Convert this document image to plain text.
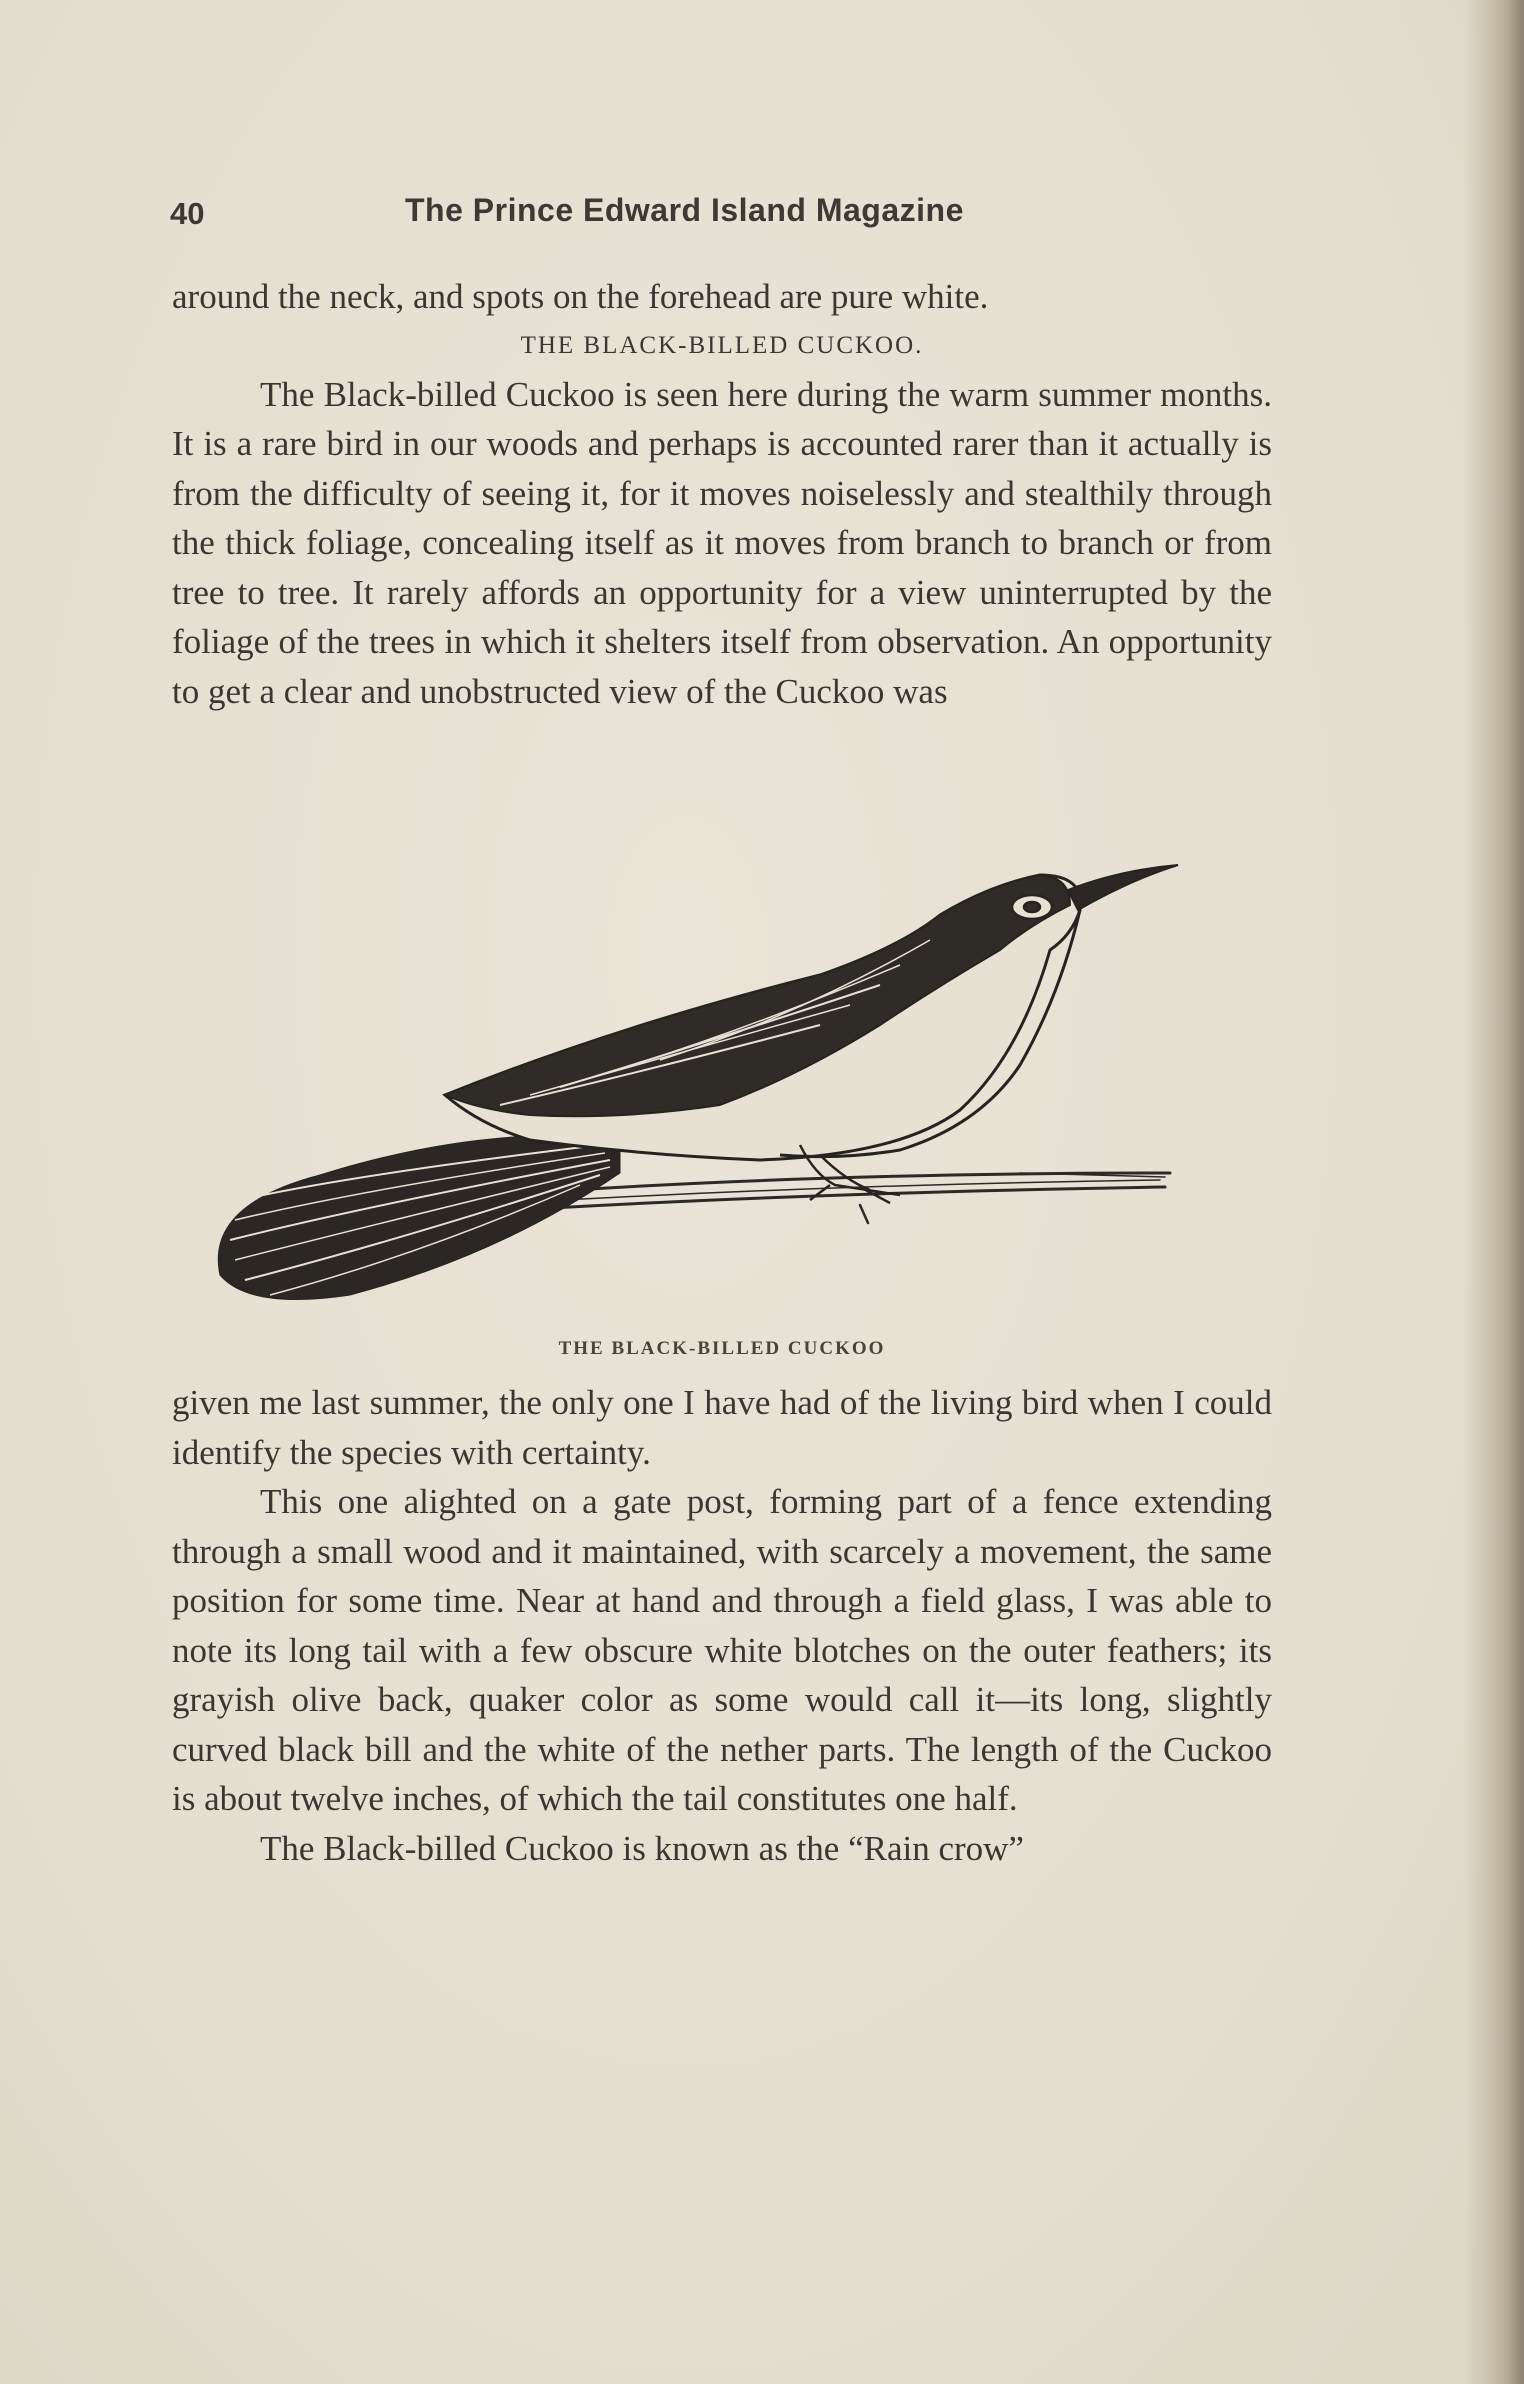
40	The Prince Edward Island Magazine

around the neck, and spots on the forehead are pure white.

THE BLACK-BILLED CUCKOO.

The Black-billed Cuckoo is seen here during the warm summer months. It is a rare bird in our woods and perhaps is accounted rarer than it actually is from the difficulty of seeing it, for it moves noiselessly and stealthily through the thick foliage, concealing itself as it moves from branch to branch or from tree to tree. It rarely affords an opportunity for a view uninterrupted by the foliage of the trees in which it shelters itself from observation. An opportunity to get a clear and unobstructed view of the Cuckoo was

THE BLACK-BILLED CUCKOO

given me last summer, the only one I have had of the living bird when I could identify the species with certainty.

This one alighted on a gate post, forming part of a fence extending through a small wood and it maintained, with scarcely a movement, the same position for some time. Near at hand and through a field glass, I was able to note its long tail with a few obscure white blotches on the outer feathers; its grayish olive back, quaker color as some would call it—its long, slightly curved black bill and the white of the nether parts. The length of the Cuckoo is about twelve inches, of which the tail constitutes one half.

The Black-billed Cuckoo is known as the “Rain crow”
